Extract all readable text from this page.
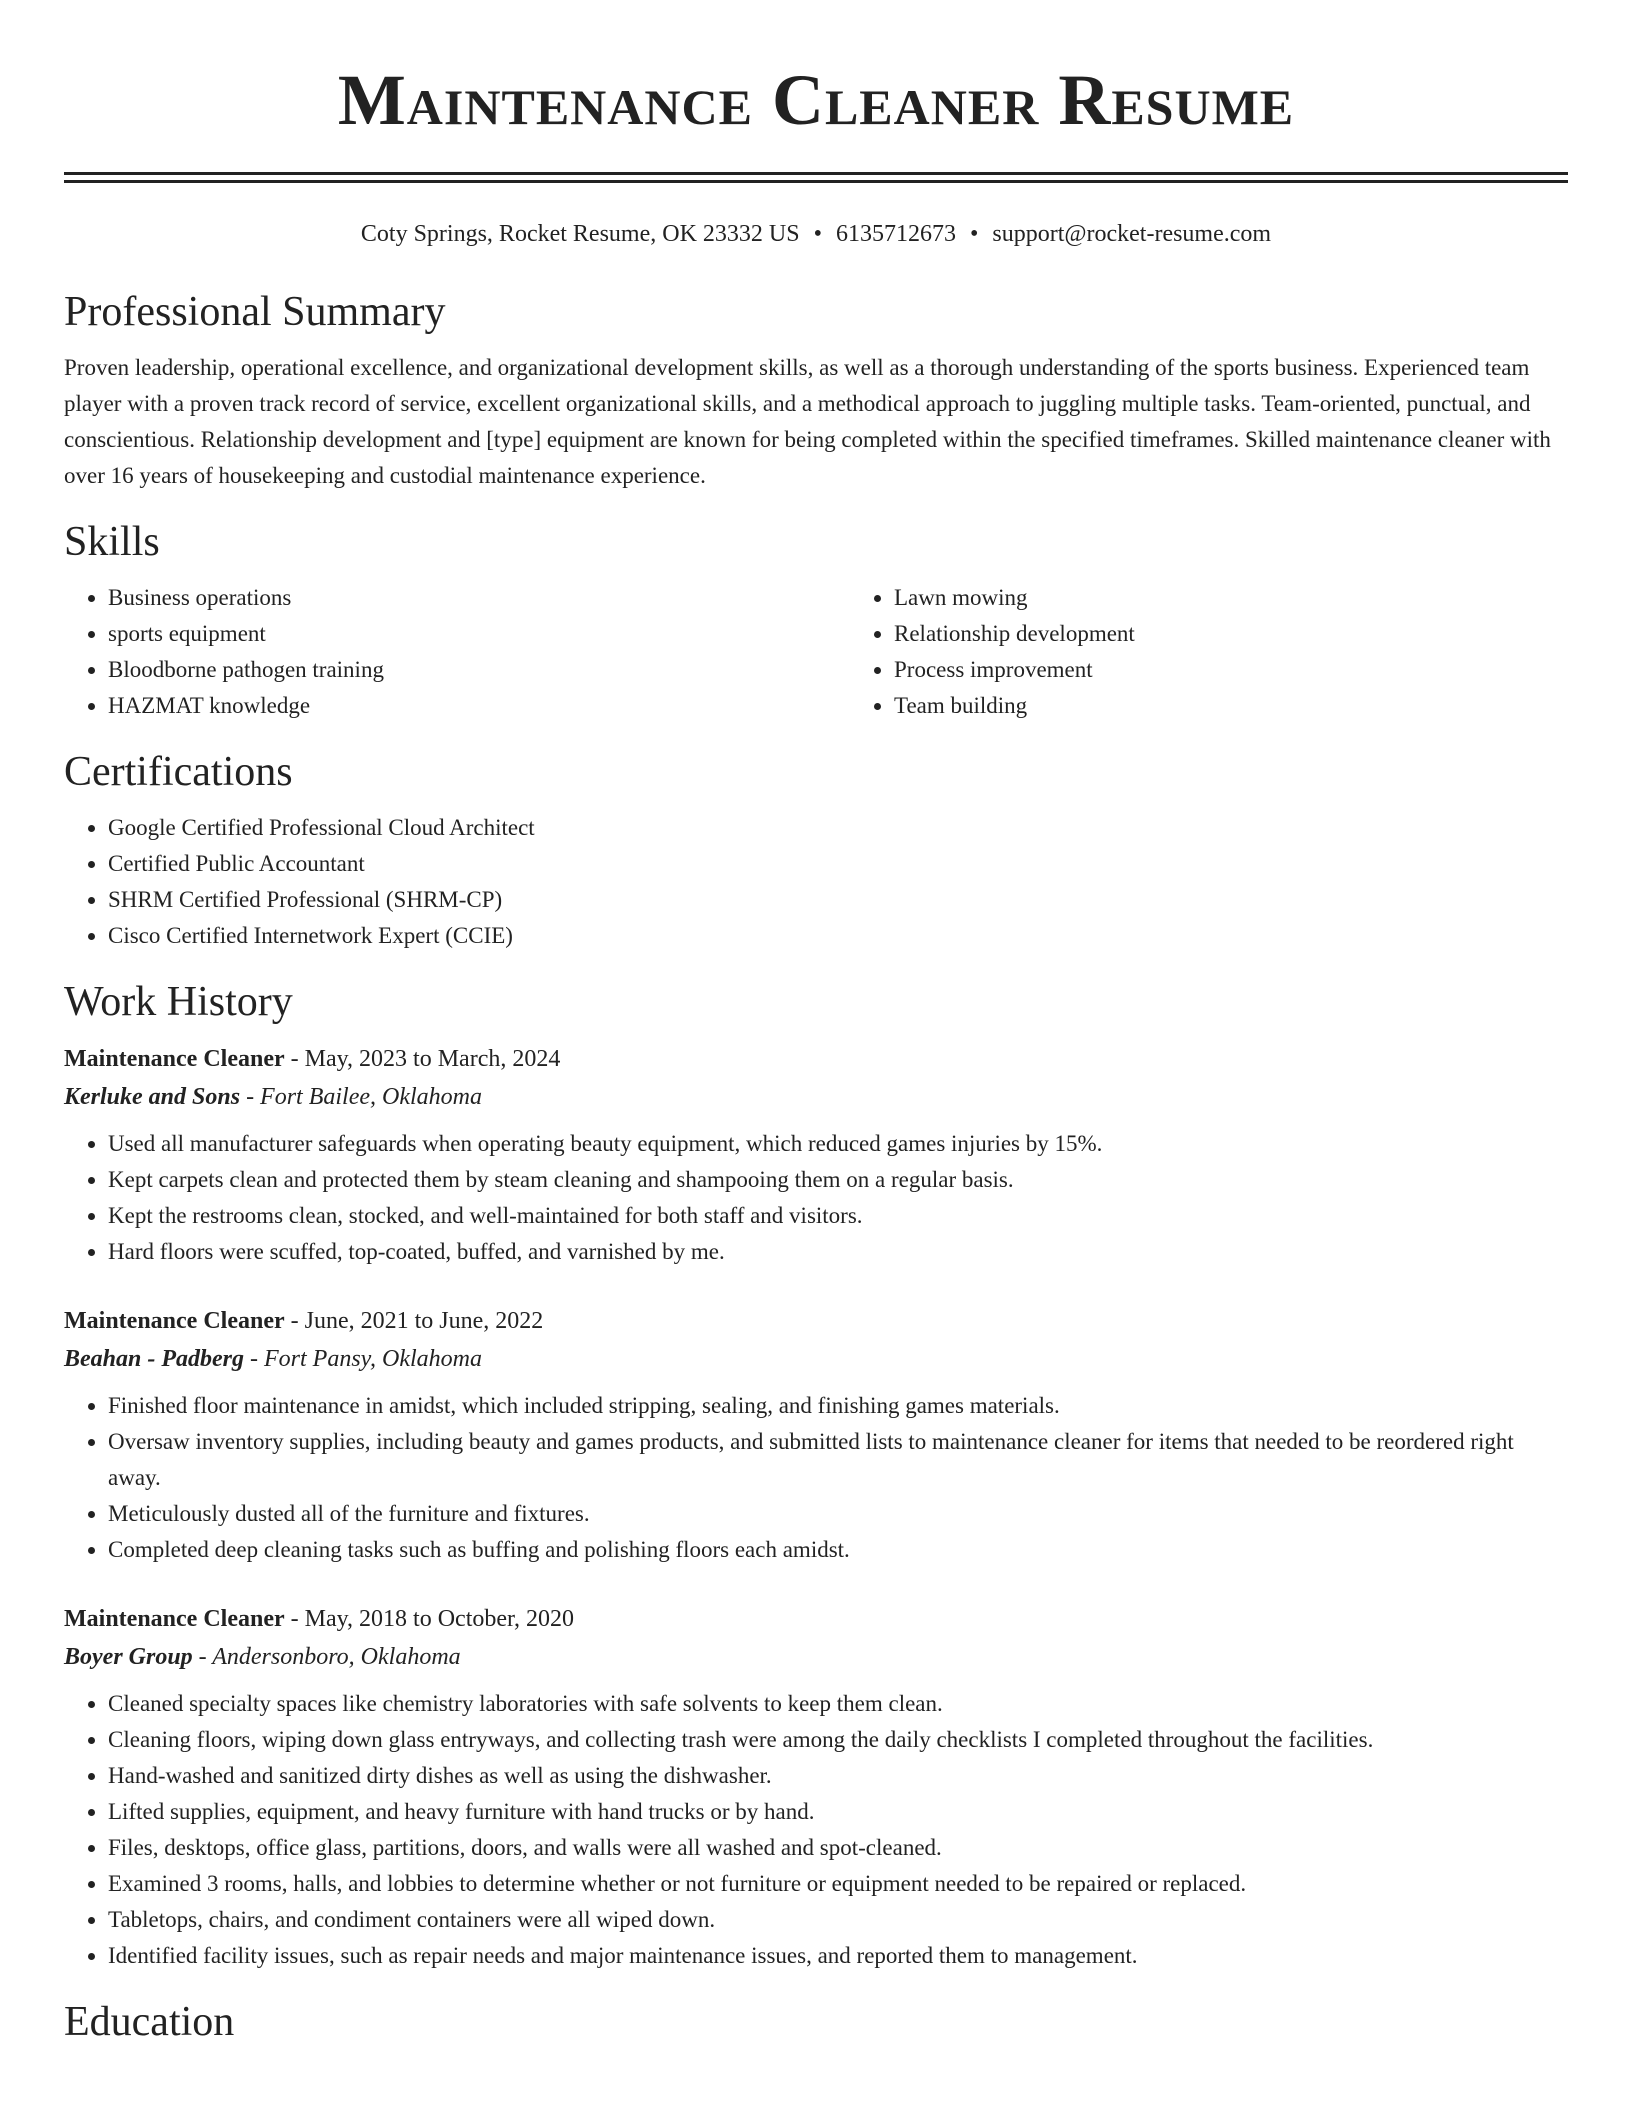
Maintenance Cleaner Resume
Coty Springs, Rocket Resume, OK 23332 US • 6135712673 • support@rocket-resume.com
Professional Summary

Proven leadership, operational excellence, and organizational development skills, as well as a thorough understanding of the sports business. Experienced team player with a proven track record of service, excellent organizational skills, and a methodical approach to juggling multiple tasks. Team-oriented, punctual, and conscientious. Relationship development and [type] equipment are known for being completed within the specified timeframes. Skilled maintenance cleaner with over 16 years of housekeeping and custodial maintenance experience.

Skills
• Business operations
• sports equipment
• Bloodborne pathogen training
• HAZMAT knowledge
• Lawn mowing
• Relationship development
• Process improvement
• Team building
Certifications
• Google Certified Professional Cloud Architect
• Certified Public Accountant
• SHRM Certified Professional (SHRM-CP)
• Cisco Certified Internetwork Expert (CCIE)
Work History
Maintenance Cleaner - May, 2023 to March, 2024
Kerluke and Sons - Fort Bailee, Oklahoma
• Used all manufacturer safeguards when operating beauty equipment, which reduced games injuries by 15%.
• Kept carpets clean and protected them by steam cleaning and shampooing them on a regular basis.
• Kept the restrooms clean, stocked, and well-maintained for both staff and visitors.
• Hard floors were scuffed, top-coated, buffed, and varnished by me.
Maintenance Cleaner - June, 2021 to June, 2022
Beahan - Padberg - Fort Pansy, Oklahoma
• Finished floor maintenance in amidst, which included stripping, sealing, and finishing games materials.
• Oversaw inventory supplies, including beauty and games products, and submitted lists to maintenance cleaner for items that needed to be reordered right away.
• Meticulously dusted all of the furniture and fixtures.
• Completed deep cleaning tasks such as buffing and polishing floors each amidst.
Maintenance Cleaner - May, 2018 to October, 2020
Boyer Group - Andersonboro, Oklahoma
• Cleaned specialty spaces like chemistry laboratories with safe solvents to keep them clean.
• Cleaning floors, wiping down glass entryways, and collecting trash were among the daily checklists I completed throughout the facilities.
• Hand-washed and sanitized dirty dishes as well as using the dishwasher.
• Lifted supplies, equipment, and heavy furniture with hand trucks or by hand.
• Files, desktops, office glass, partitions, doors, and walls were all washed and spot-cleaned.
• Examined 3 rooms, halls, and lobbies to determine whether or not furniture or equipment needed to be repaired or replaced.
• Tabletops, chairs, and condiment containers were all wiped down.
• Identified facility issues, such as repair needs and major maintenance issues, and reported them to management.
Education
